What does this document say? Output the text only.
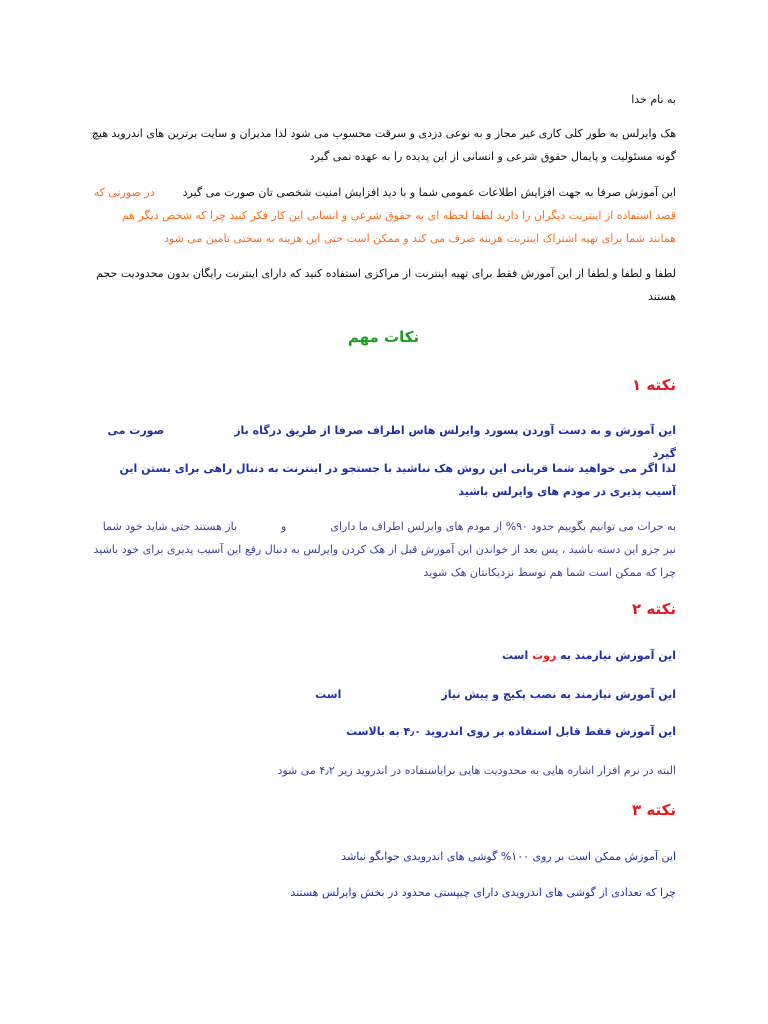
به نام خدا
هک وایرلس به طور کلی کاری غیر مجاز و به نوعی دزدی و سرقت محسوب می شود لذا مدیران و سایت برترین های اندروید هیچ گونه مسئولیت و پایمال حقوق شرعی و انسانی از این پدیده را به عهده نمی گیرد
این آموزش صرفا به جهت افزایش اطلاعات عمومی شما و با دید افزایش امنیت شخصی تان صورت می گیرددر صورتی که قصد استفاده از اینترنت دیگران را دارید لطفا لحظه ای به حقوق شرعی و انسانی این کار فکر کنید چرا که شخص دیگر هم همانند شما برای تهیه اشتراک اینترنت هزینه صرف می کند و ممکن است حتی این هزینه به سختی تامین می شود
لطفا و لطفا و لطفا از این آموزش فقط برای تهیه اینترنت از مراکزی استفاده کنید که دارای اینترنت رایگان بدون محدودیت حجم هستند
نکات مهم
نکته ۱
این آموزش و به دست آوردن پسورد وایرلس هاس اطراف صرفا از طریق درگاه بازصورت می گیرد
لذا اگر می خواهید شما قربانی این روش هک نباشید با جستجو در اینترنت به دنبال راهی برای بستن این آسیب پذیری در مودم های وایرلس باشید
به جرات می توانیم بگوییم حدود ۹۰% از مودم های وایرلس اطراف ما دارایوباز هستند حتی شاید خود شما نیز جزو این دسته باشید ، پس بعد از خواندن این آموزش قبل از هک کردن وایرلس به دنبال رفع این آسیب پذیری برای خود باشید چرا که ممکن است شما هم توسط نزدیکانتان هک شوید
نکته ۲
این آموزش نیازمند به روت است
این آموزش نیازمند به نصب پکیج و پیش نیازاست
این آموزش فقط قابل استفاده بر روی اندروید ۴٫۰ به بالاست
البته در نرم افزار اشاره هایی به محدودیت هایی برایاستفاده در اندروید زیر ۴٫۲ می شود
نکته ۳
این آموزش ممکن است بر روی ۱۰۰% گوشی های اندرویدی جوابگو نباشد
چرا که تعدادی از گوشی های اندرویدی دارای چیپستی محدود در بخش وایرلس هستند
